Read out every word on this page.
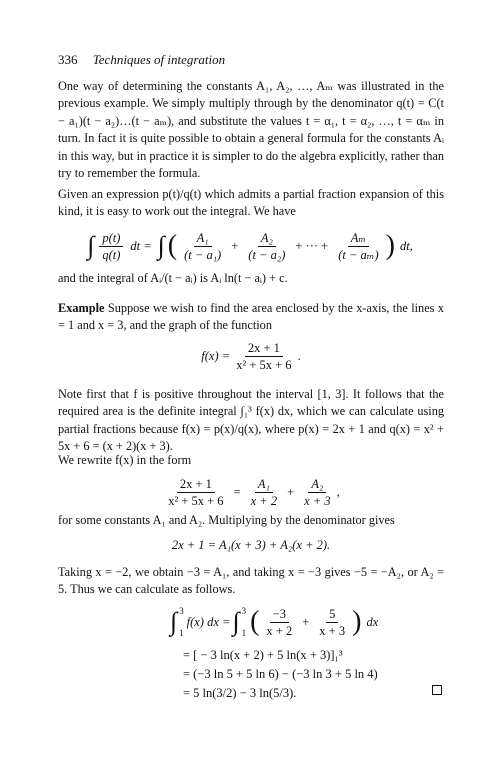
336 Techniques of integration

One way of determining the constants A₁, A₂, …, Aₘ was illustrated in the previous example. We simply multiply through by the denominator q(t) = C(t − a₁)(t − a₂)…(t − aₘ), and substitute the values t = α₁, t = α₂, …, t = αₘ in turn. In fact it is quite possible to obtain a general formula for the constants Aᵢ in this way, but in practice it is simpler to do the algebra explicitly, rather than try to remember the formula.

Given an expression p(t)/q(t) which admits a partial fraction expansion of this kind, it is easy to work out the integral. We have

∫ $\frac{p(t)}{q(t)}$ dt = ∫ ( $\frac{\text{A₁}}{\text{(t − a₁)}} + \frac{\text{A₂}}{\text{(t − a₂)}}$ + ··· + $\frac{\text{Aₘ}}{\text{(t − aₘ)}}$ ) dt,

and the integral of Aᵢ/(t − aᵢ) is Aᵢ ln(t − aᵢ) + c.

Example Suppose we wish to find the area enclosed by the x-axis, the lines x = 1 and x = 3, and the graph of the function

$f(x) = \frac{2x + 1}{\text{x² + 5x + 6}}$ .

Note first that f is positive throughout the interval [1, 3]. It follows that the required area is the definite integral ∫₁³ f(x) dx, which we can calculate using partial fractions because f(x) = p(x)/q(x), where p(x) = 2x + 1 and q(x) = x² + 5x + 6 = (x + 2)(x + 3).

We rewrite f(x) in the form

$\frac{2x + 1}{\text{x² + 5x + 6}} = \frac{\text{A₁}}{x + 2} + \frac{\text{A₂}}{x + 3}$ ,

for some constants A₁ and A₂. Multiplying by the denominator gives

2x + 1 = A₁(x + 3) + A₂(x + 2).

Taking x = −2, we obtain −3 = A₁, and taking x = −3 gives −5 = −A₂, or A₂ = 5. Thus we can calculate as follows.

∫ 3
1
f(x) dx = ∫ 3
1 ( $\frac{-3}{x + 2} + \frac{5}{x + 3}$ ) dx
= [ − 3 ln(x + 2) + 5 ln(x + 3)]₁³
= (−3 ln 5 + 5 ln 6) − (−3 ln 3 + 5 ln 4)
= 5 ln(3/2) − 3 ln(5/3).
